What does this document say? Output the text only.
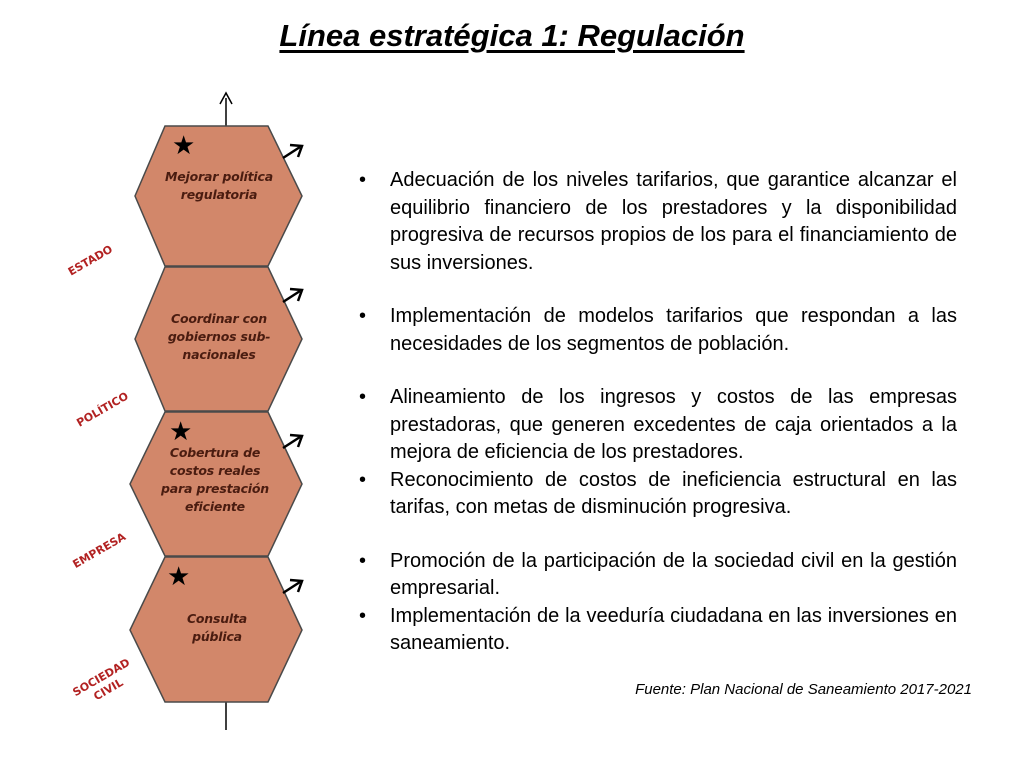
Línea estratégica 1: Regulación
★
★
★
Mejorar política regulatoria
Coordinar con gobiernos sub-nacionales
Cobertura de costos reales para prestación eficiente
Consulta pública
ESTADO
POLÍTICO
EMPRESA
SOCIEDAD CIVIL
• Adecuación de los niveles tarifarios, que garantice alcanzar el equilibrio financiero de los prestadores y la disponibilidad progresiva de recursos propios de los para el financiamiento de sus inversiones.
• Implementación de modelos tarifarios que respondan a las necesidades de los segmentos de población.
• Alineamiento de los ingresos y costos de las empresas prestadoras, que generen excedentes de caja orientados a la mejora de eficiencia de los prestadores.
• Reconocimiento de costos de ineficiencia estructural en las tarifas, con metas de disminución progresiva.
• Promoción de la participación de la sociedad civil en la gestión empresarial.
• Implementación de la veeduría ciudadana en las inversiones en saneamiento.
Fuente: Plan Nacional de Saneamiento 2017-2021
